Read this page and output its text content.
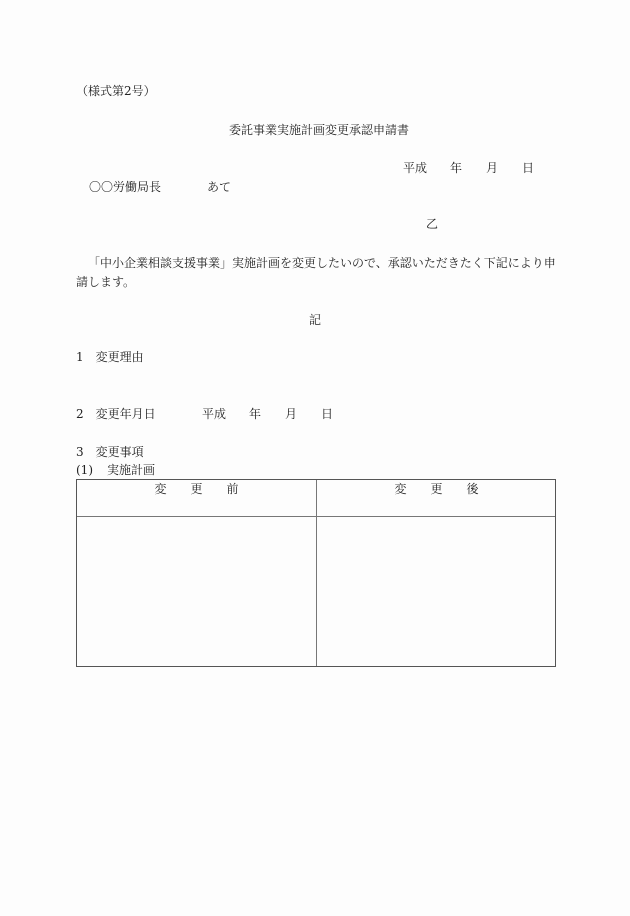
（様式第2号）
委託事業実施計画変更承認申請書
平成 年 月 日
〇〇労働局長	あて
乙
「中小企業相談支援事業」実施計画を変更したいので、承認いただきたく下記により申
請します。
記
1 変更理由
2 変更年月日	平成 年 月 日
3 変更事項
(1) 実施計画
変　　更　　前	変　　更　　後
